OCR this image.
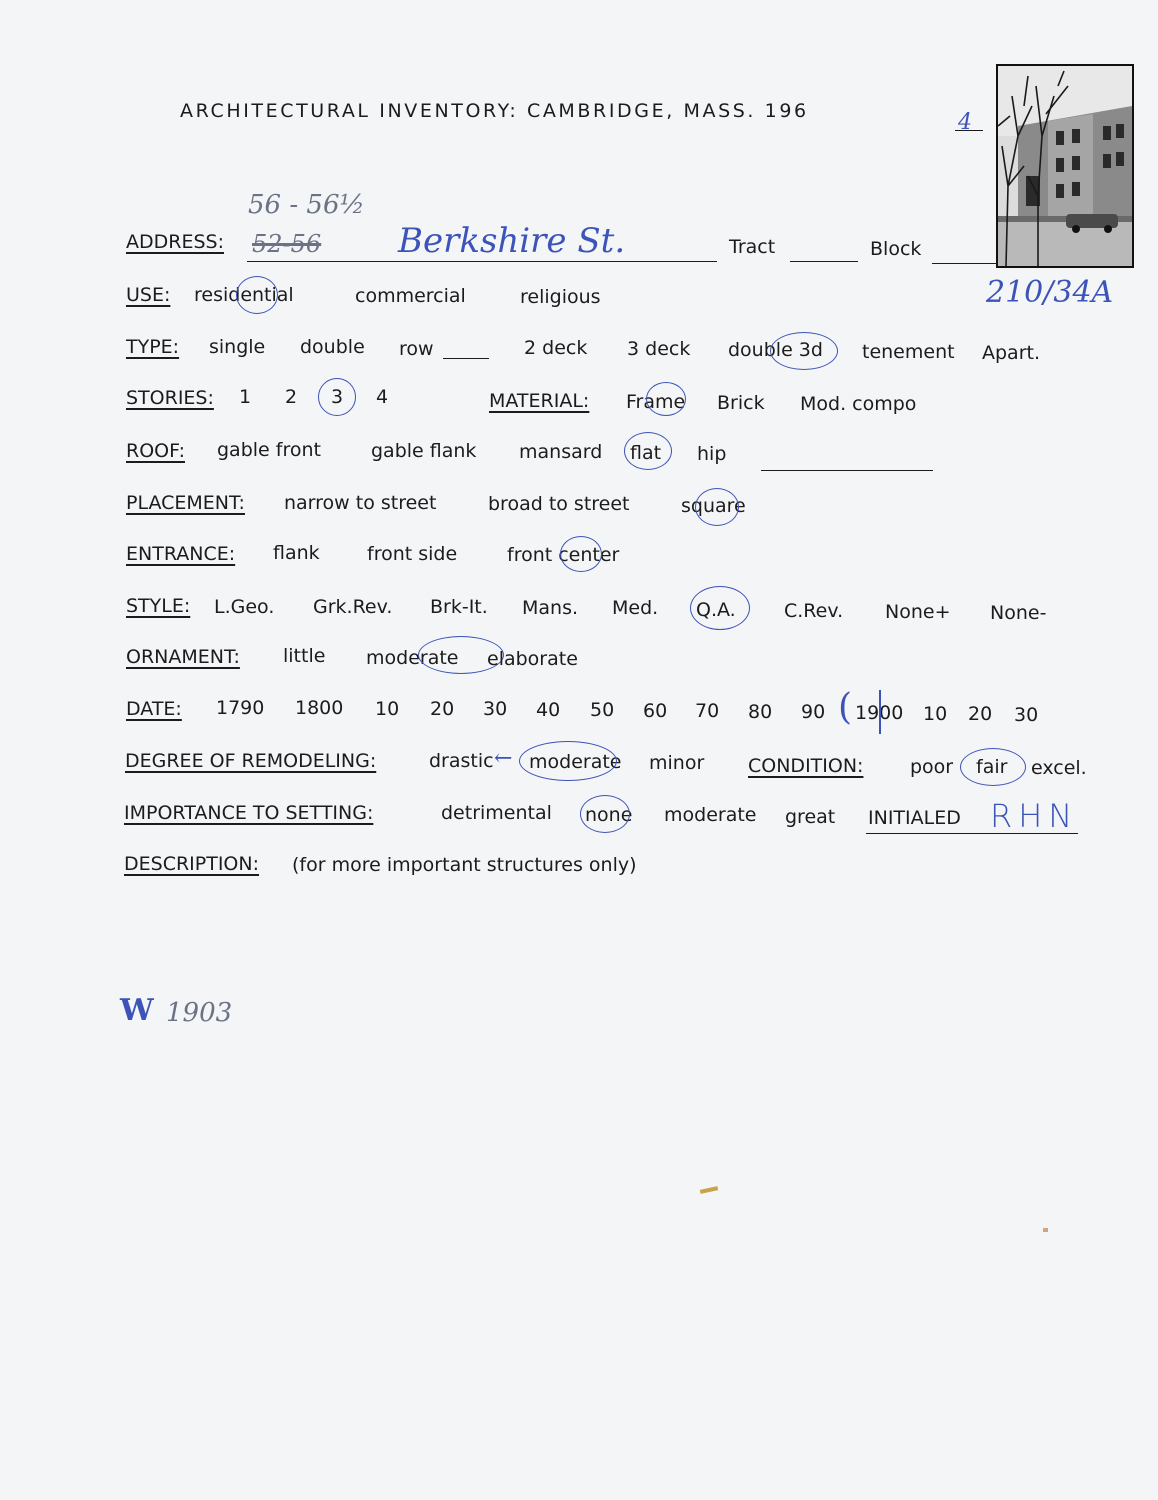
ARCHITECTURAL INVENTORY: CAMBRIDGE, MASS. 196	4
ADDRESS:
56 - 56½
52-56 Berkshire St.	Tract	Block
210/34A
USE: residential	commercial	religious
TYPE: single double row	2 deck 3 deck double 3d tenement Apart.
STORIES: 1 2 3 4	MATERIAL: Frame Brick Mod. compo
ROOF: gable front	gable flank mansard flat hip
PLACEMENT: narrow to street	broad to street	square
ENTRANCE: flank front side	front center
STYLE: L.Geo. Grk.Rev. Brk-It. Mans. Med. Q.A.	C.Rev. None+ None-
ORNAMENT: little moderate elaborate
DATE: 1790 1800 10 20 30 40 50 60 70 80 90 ( 1900 10 20 30
DEGREE OF REMODELING:	drastic ← moderate minor CONDITION: poor fair excel.
IMPORTANCE TO SETTING:	detrimental none moderate great INITIALED RHN
DESCRIPTION: (for more important structures only)
W 1903
